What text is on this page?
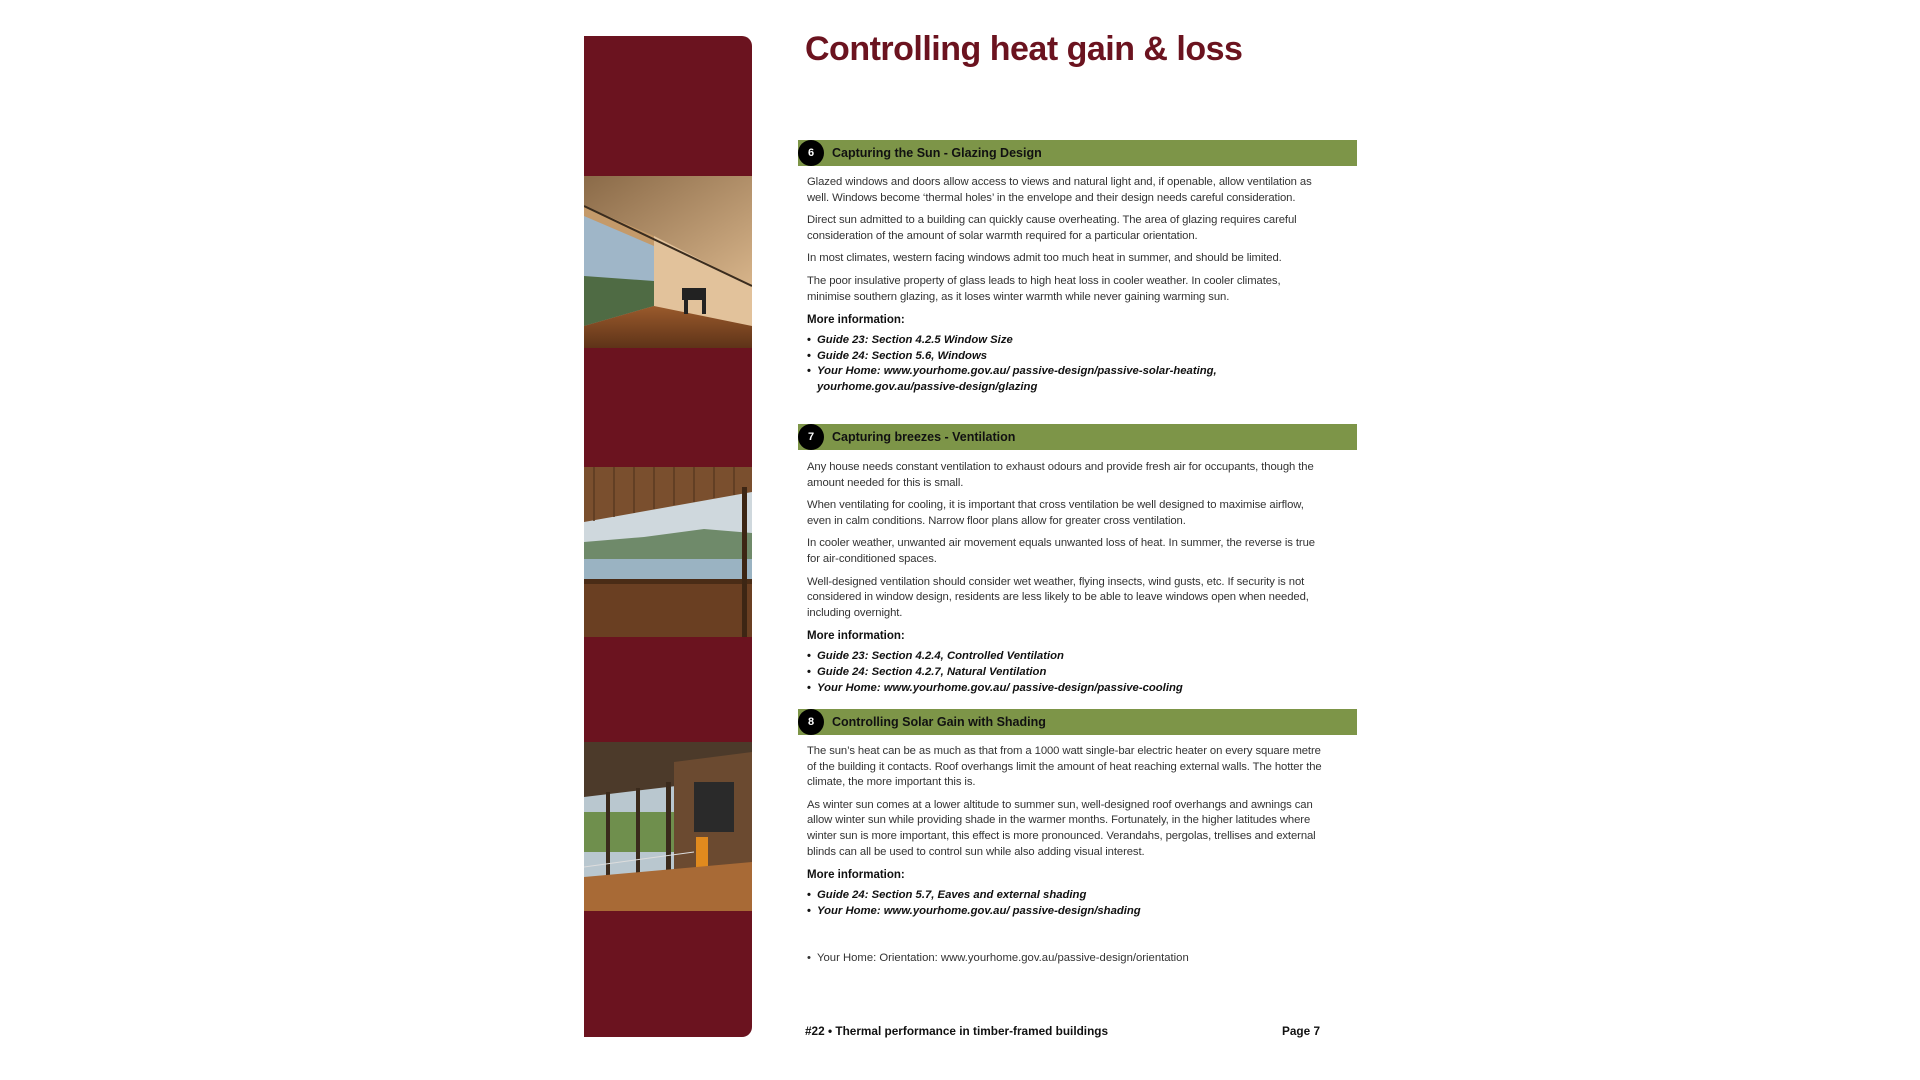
Controlling heat gain & loss
6	Capturing the Sun - Glazing Design

Glazed windows and doors allow access to views and natural light and, if openable, allow ventilation as well. Windows become ‘thermal holes’ in the envelope and their design needs careful consideration.

Direct sun admitted to a building can quickly cause overheating. The area of glazing requires careful consideration of the amount of solar warmth required for a particular orientation.

In most climates, western facing windows admit too much heat in summer, and should be limited.

The poor insulative property of glass leads to high heat loss in cooler weather. In cooler climates, minimise southern glazing, as it loses winter warmth while never gaining warming sun.

More information:
• Guide 23: Section 4.2.5 Window Size
• Guide 24: Section 5.6, Windows
• Your Home: www.yourhome.gov.au/ passive-design/passive-solar-heating, yourhome.gov.au/passive-design/glazing
7	Capturing breezes - Ventilation

Any house needs constant ventilation to exhaust odours and provide fresh air for occupants, though the amount needed for this is small.

When ventilating for cooling, it is important that cross ventilation be well designed to maximise airflow, even in calm conditions. Narrow floor plans allow for greater cross ventilation.

In cooler weather, unwanted air movement equals unwanted loss of heat. In summer, the reverse is true for air-conditioned spaces.

Well-designed ventilation should consider wet weather, flying insects, wind gusts, etc. If security is not considered in window design, residents are less likely to be able to leave windows open when needed, including overnight.

More information:
• Guide 23: Section 4.2.4, Controlled Ventilation
• Guide 24: Section 4.2.7, Natural Ventilation
• Your Home: www.yourhome.gov.au/ passive-design/passive-cooling
8	Controlling Solar Gain with Shading

The sun’s heat can be as much as that from a 1000 watt single-bar electric heater on every square metre of the building it contacts. Roof overhangs limit the amount of heat reaching external walls. The hotter the climate, the more important this is.

As winter sun comes at a lower altitude to summer sun, well-designed roof overhangs and awnings can allow winter sun while providing shade in the warmer months. Fortunately, in the higher latitudes where winter sun is more important, this effect is more pronounced. Verandahs, pergolas, trellises and external blinds can all be used to control sun while also adding visual interest.

More information:
• Guide 24: Section 5.7, Eaves and external shading
• Your Home: www.yourhome.gov.au/ passive-design/shading
• Your Home: Orientation: www.yourhome.gov.au/passive-design/orientation
#22 • Thermal performance in timber-framed buildings	Page 7
